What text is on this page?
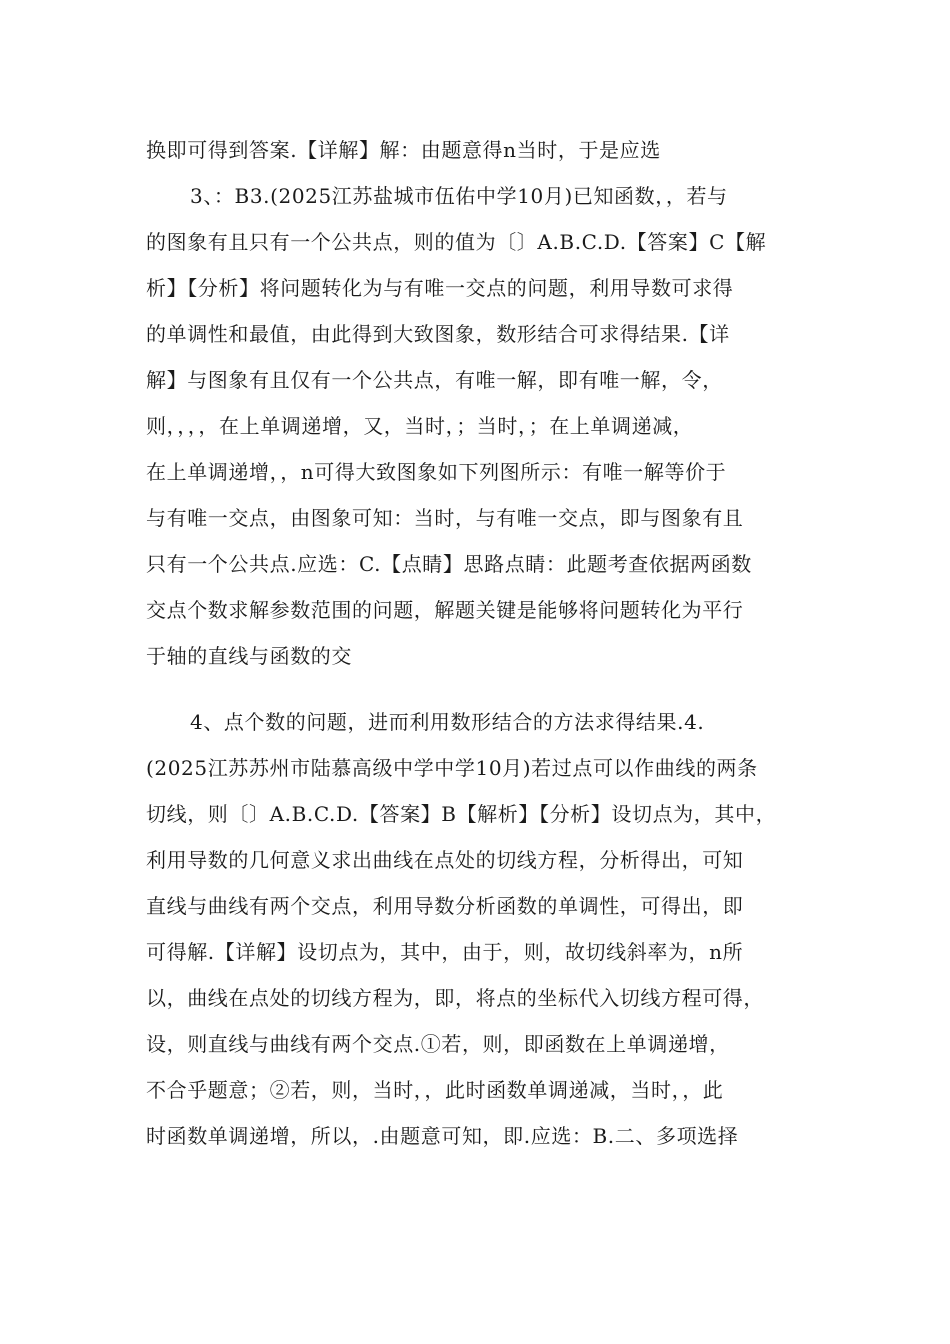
换即可得到答案.【详解】解：由题意得n当时，于是应选
3、：B3.(2025江苏盐城市伍佑中学10月)已知函数，，若与
的图象有且只有一个公共点，则的值为〔〕A.B.C.D.【答案】C【解
析】【分析】将问题转化为与有唯一交点的问题，利用导数可求得
的单调性和最值，由此得到大致图象，数形结合可求得结果.【详
解】与图象有且仅有一个公共点，有唯一解，即有唯一解，令，
则，，，，在上单调递增，又，当时，；当时，；在上单调递减，
在上单调递增，，n可得大致图象如下列图所示：有唯一解等价于
与有唯一交点，由图象可知：当时，与有唯一交点，即与图象有且
只有一个公共点.应选：C.【点睛】思路点睛：此题考查依据两函数
交点个数求解参数范围的问题，解题关键是能够将问题转化为平行
于轴的直线与函数的交
4、点个数的问题，进而利用数形结合的方法求得结果.4.
(2025江苏苏州市陆慕高级中学中学10月)若过点可以作曲线的两条
切线，则〔〕A.B.C.D.【答案】B【解析】【分析】设切点为，其中，
利用导数的几何意义求出曲线在点处的切线方程，分析得出，可知
直线与曲线有两个交点，利用导数分析函数的单调性，可得出，即
可得解.【详解】设切点为，其中，由于，则，故切线斜率为，n所
以，曲线在点处的切线方程为，即，将点的坐标代入切线方程可得，
设，则直线与曲线有两个交点.①若，则，即函数在上单调递增，
不合乎题意；②若，则，当时，，此时函数单调递减，当时，，此
时函数单调递增，所以，.由题意可知，即.应选：B.二、多项选择
